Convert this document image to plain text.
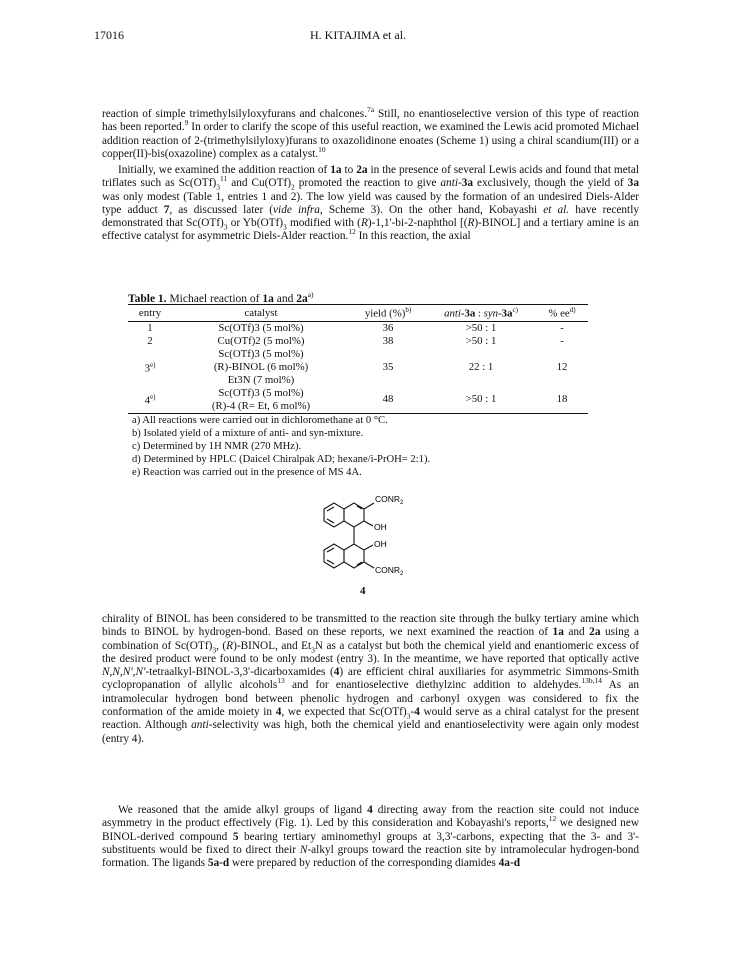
17016	H. KITAJIMA et al.

reaction of simple trimethylsilyloxyfurans and chalcones.$^{7a}$ Still, no enantioselective version of this type of reaction has been reported.$^9$ In order to clarify the scope of this useful reaction, we examined the Lewis acid promoted Michael addition reaction of 2-(trimethylsilyloxy)furans to oxazolidinone enoates (Scheme 1) using a chiral scandium(III) or a copper(II)-bis(oxazoline) complex as a catalyst.$^{10}$

Initially, we examined the addition reaction of 1a to 2a in the presence of several Lewis acids and found that metal triflates such as $Sc(OTf)_3^{11}$ and $Cu(OTf)_2$ promoted the reaction to give anti-3a exclusively, though the yield of 3a was only modest (Table 1, entries 1 and 2). The low yield was caused by the formation of an undesired Diels-Alder type adduct 7, as discussed later (vide infra, Scheme 3). On the other hand, Kobayashi et al. have recently demonstrated that $Sc(OTf)_3$ or $Yb(OTf)_3$ modified with (R)-1,1'-bi-2-naphthol [(R)-BINOL] and a tertiary amine is an effective catalyst for asymmetric Diels-Alder reaction.$^{12}$ In this reaction, the axial

Table 1. Michael reaction of 1a and $2a^{a)}$
entry	catalyst	yield (%)$^{b)}$	anti-3a : syn-$3a^{c)}$	% $ee^{d)}$
1	Sc(OTf)3 (5 mol%)	36	>50 : 1	-
2	Cu(OTf)2 (5 mol%)	38	>50 : 1	-
3$^{e)}$	Sc(OTf)3 (5 mol%)
(R)-BINOL (6 mol%)
Et3N (7 mol%)	35	22 : 1	12
4$^{e)}$	Sc(OTf)3 (5 mol%)
(R)-4 (R= Et, 6 mol%)	48	>50 : 1	18
a) All reactions were carried out in dichloromethane at 0 °C.
b) Isolated yield of a mixture of anti- and syn-mixture.
c) Determined by 1H NMR (270 MHz).
d) Determined by HPLC (Daicel Chiralpak AD; hexane/i-PrOH= 2:1).
e) Reaction was carried out in the presence of MS 4A.
$CONR_2$
OH
OH
$CONR_2$
4

chirality of BINOL has been considered to be transmitted to the reaction site through the bulky tertiary amine which binds to BINOL by hydrogen-bond. Based on these reports, we next examined the reaction of 1a and 2a using a combination of $Sc(OTf)_3$, (R)-BINOL, and $Et_3N$ as a catalyst but both the chemical yield and enantiomeric excess of the desired product were found to be only modest (entry 3). In the meantime, we have reported that optically active N,N,N',N'-tetraalkyl-BINOL-3,3'-dicarboxamides (4) are efficient chiral auxiliaries for asymmetric Simmons-Smith cyclopropanation of allylic alcohols$^{13}$ and for enantioselective diethylzinc addition to aldehydes.$^{13b,14}$ As an intramolecular hydrogen bond between phenolic hydrogen and carbonyl oxygen was considered to fix the conformation of the amide moiety in 4, we expected that $Sc(OTf)_3-4$ would serve as a chiral catalyst for the present reaction. Although anti-selectivity was high, both the chemical yield and enantioselectivity were again only modest (entry 4).

We reasoned that the amide alkyl groups of ligand 4 directing away from the reaction site could not induce asymmetry in the product effectively (Fig. 1). Led by this consideration and Kobayashi's reports,$^{12}$ we designed new BINOL-derived compound 5 bearing tertiary aminomethyl groups at 3,3'-carbons, expecting that the 3- and 3'-substituents would be fixed to direct their N-alkyl groups toward the reaction site by intramolecular hydrogen-bond formation. The ligands 5a-d were prepared by reduction of the corresponding diamides 4a-d
